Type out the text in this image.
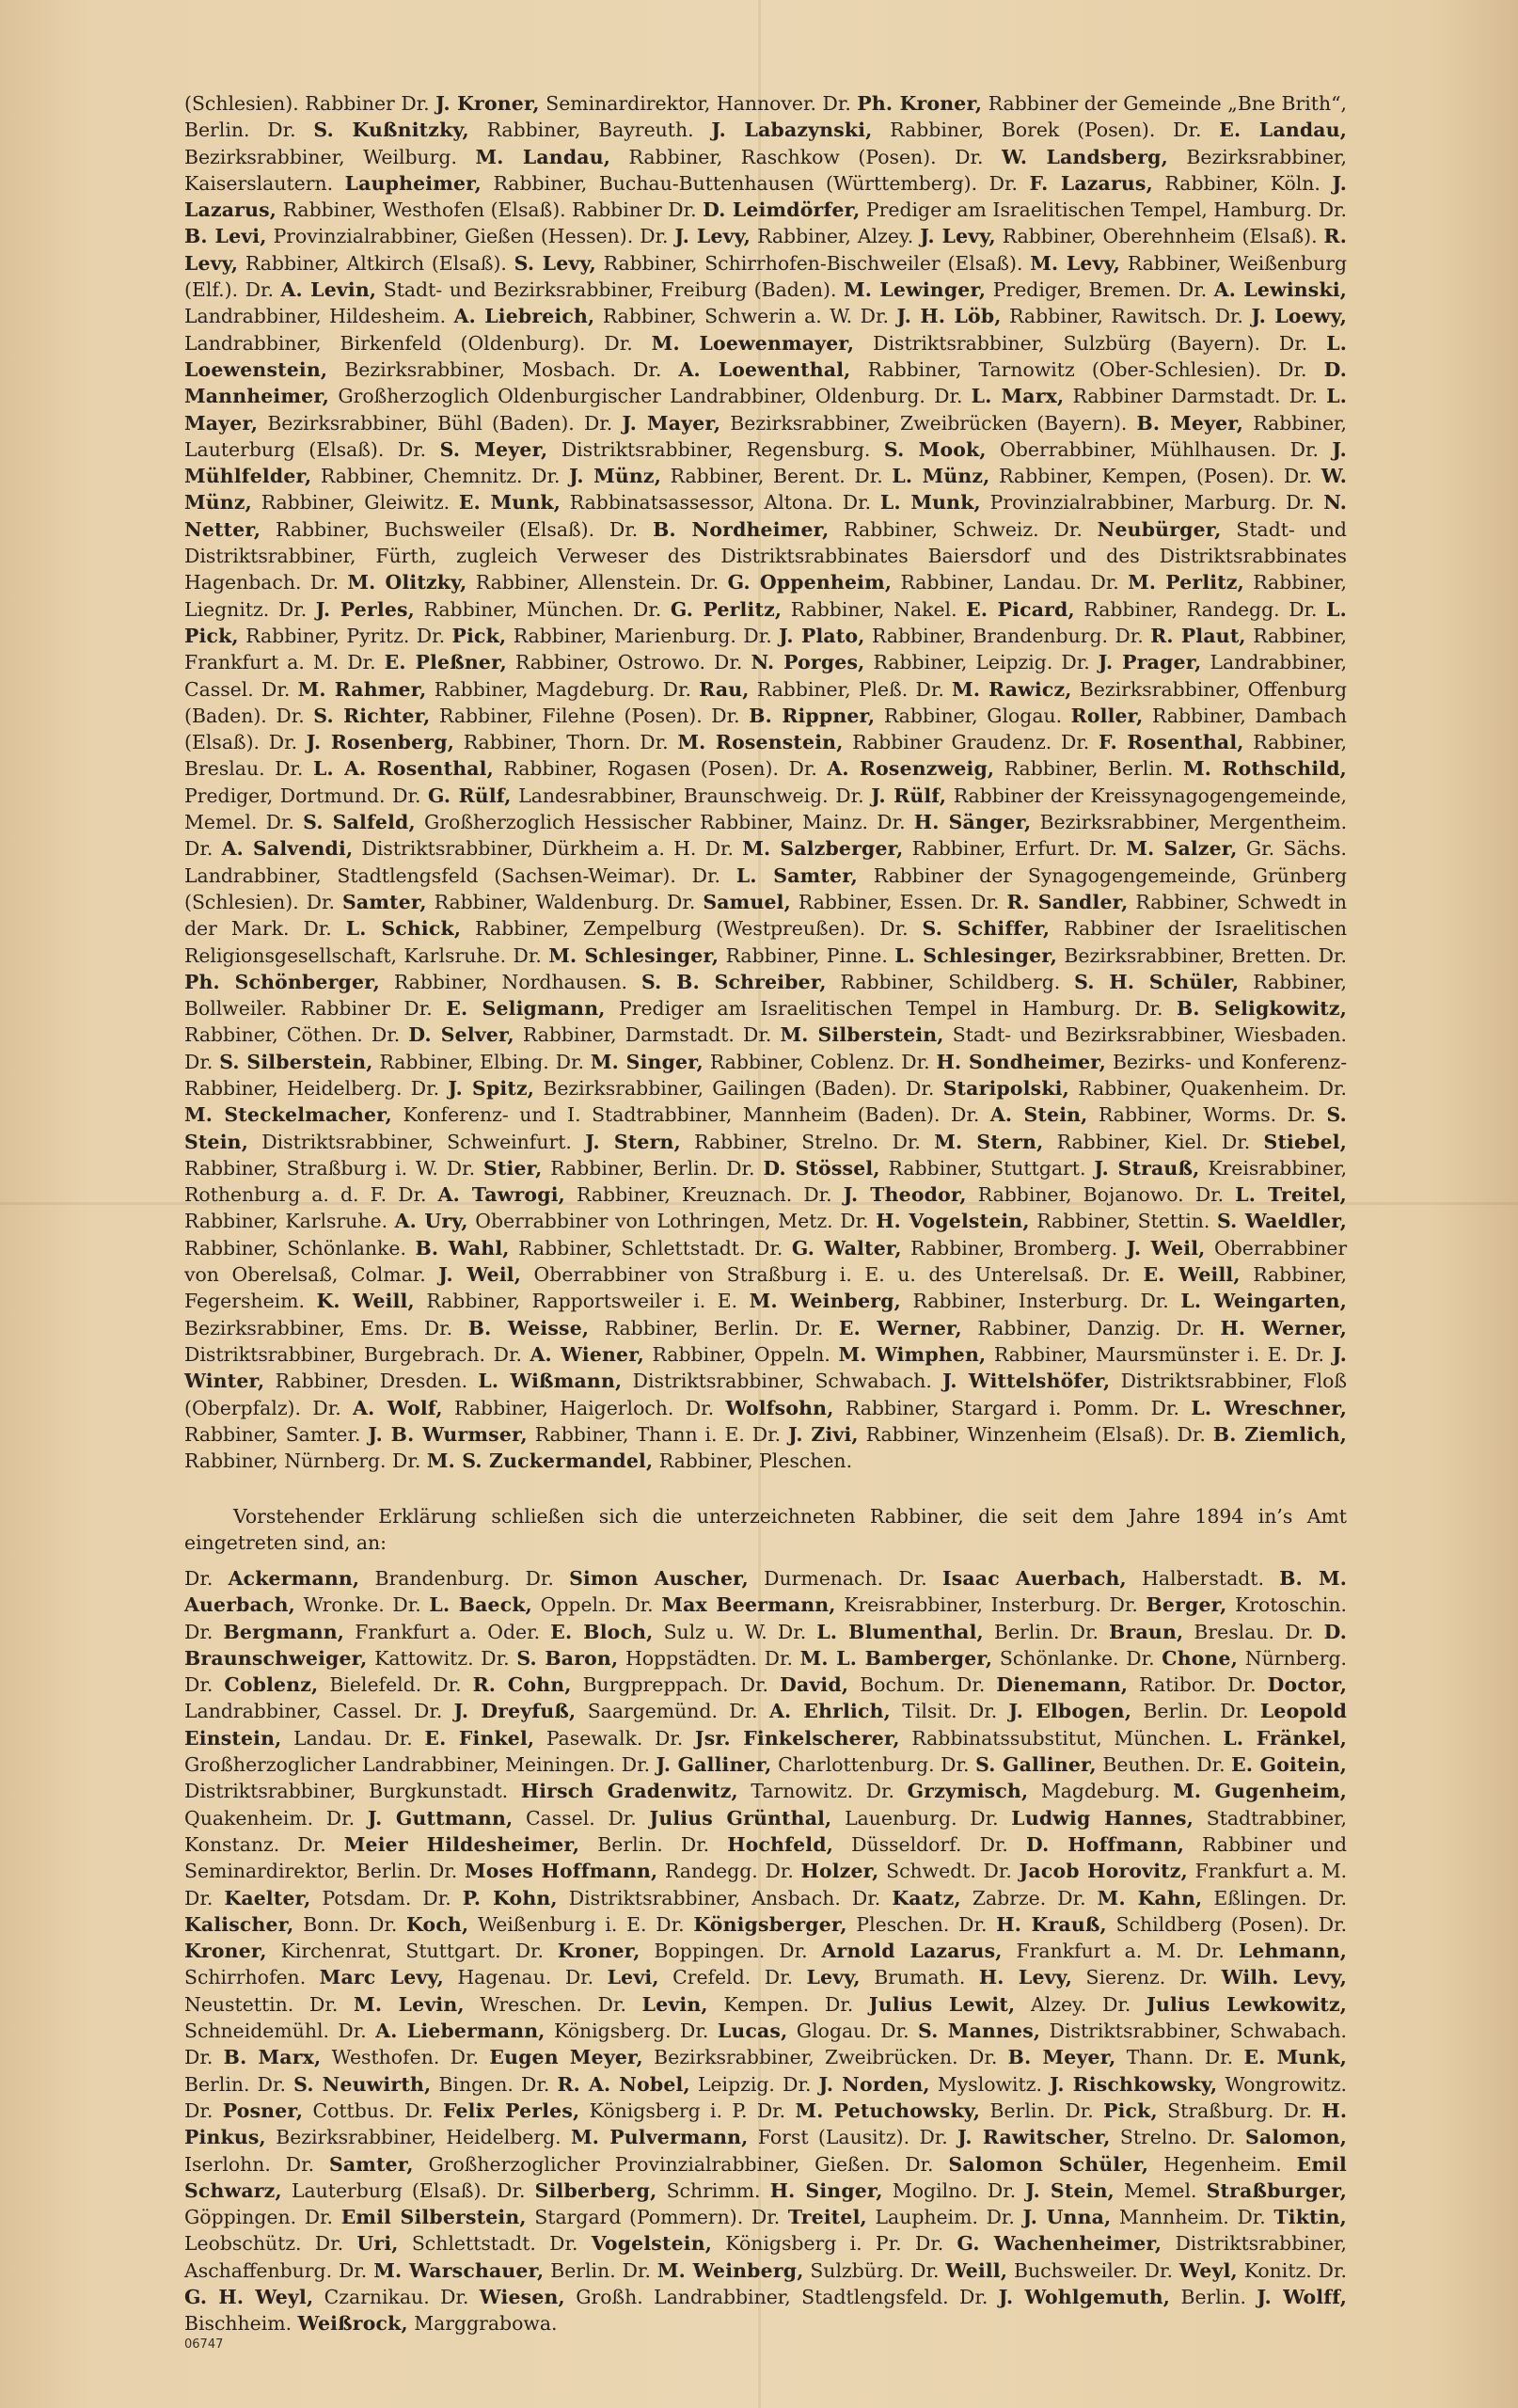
(Schlesien). Rabbiner Dr. J. Kroner, Seminardirektor, Hannover. Dr. Ph. Kroner, Rabbiner der Gemeinde „Bne Brith“, Berlin. Dr. S. Kußnitzky, Rabbiner, Bayreuth. J. Labazynski, Rabbiner, Borek (Posen). Dr. E. Landau, Bezirksrabbiner, Weilburg. M. Landau, Rabbiner, Raschkow (Posen). Dr. W. Landsberg, Bezirksrabbiner, Kaiserslautern. Laupheimer, Rabbiner, Buchau-Buttenhausen (Württemberg). Dr. F. Lazarus, Rabbiner, Köln. J. Lazarus, Rabbiner, Westhofen (Elsaß). Rabbiner Dr. D. Leimdörfer, Prediger am Israelitischen Tempel, Hamburg. Dr. B. Levi, Provinzialrabbiner, Gießen (Hessen). Dr. J. Levy, Rabbiner, Alzey. J. Levy, Rabbiner, Oberehnheim (Elsaß). R. Levy, Rabbiner, Altkirch (Elsaß). S. Levy, Rabbiner, Schirrhofen-Bischweiler (Elsaß). M. Levy, Rabbiner, Weißenburg (Elf.). Dr. A. Levin, Stadt- und Bezirksrabbiner, Freiburg (Baden). M. Lewinger, Prediger, Bremen. Dr. A. Lewinski, Landrabbiner, Hildesheim. A. Liebreich, Rabbiner, Schwerin a. W. Dr. J. H. Löb, Rabbiner, Rawitsch. Dr. J. Loewy, Landrabbiner, Birkenfeld (Oldenburg). Dr. M. Loewenmayer, Distriktsrabbiner, Sulzbürg (Bayern). Dr. L. Loewenstein, Bezirksrabbiner, Mosbach. Dr. A. Loewenthal, Rabbiner, Tarnowitz (Ober-Schlesien). Dr. D. Mannheimer, Großherzoglich Oldenburgischer Landrabbiner, Oldenburg. Dr. L. Marx, Rabbiner Darmstadt. Dr. L. Mayer, Bezirksrabbiner, Bühl (Baden). Dr. J. Mayer, Bezirksrabbiner, Zweibrücken (Bayern). B. Meyer, Rabbiner, Lauterburg (Elsaß). Dr. S. Meyer, Distriktsrabbiner, Regensburg. S. Mook, Oberrabbiner, Mühlhausen. Dr. J. Mühlfelder, Rabbiner, Chemnitz. Dr. J. Münz, Rabbiner, Berent. Dr. L. Münz, Rabbiner, Kempen, (Posen). Dr. W. Münz, Rabbiner, Gleiwitz. E. Munk, Rabbinatsassessor, Altona. Dr. L. Munk, Provinzialrabbiner, Marburg. Dr. N. Netter, Rabbiner, Buchsweiler (Elsaß). Dr. B. Nordheimer, Rabbiner, Schweiz. Dr. Neubürger, Stadt- und Distriktsrabbiner, Fürth, zugleich Verweser des Distriktsrabbinates Baiersdorf und des Distriktsrabbinates Hagenbach. Dr. M. Olitzky, Rabbiner, Allenstein. Dr. G. Oppenheim, Rabbiner, Landau. Dr. M. Perlitz, Rabbiner, Liegnitz. Dr. J. Perles, Rabbiner, München. Dr. G. Perlitz, Rabbiner, Nakel. E. Picard, Rabbiner, Randegg. Dr. L. Pick, Rabbiner, Pyritz. Dr. Pick, Rabbiner, Marienburg. Dr. J. Plato, Rabbiner, Brandenburg. Dr. R. Plaut, Rabbiner, Frankfurt a. M. Dr. E. Pleßner, Rabbiner, Ostrowo. Dr. N. Porges, Rabbiner, Leipzig. Dr. J. Prager, Landrabbiner, Cassel. Dr. M. Rahmer, Rabbiner, Magdeburg. Dr. Rau, Rabbiner, Pleß. Dr. M. Rawicz, Bezirksrabbiner, Offenburg (Baden). Dr. S. Richter, Rabbiner, Filehne (Posen). Dr. B. Rippner, Rabbiner, Glogau. Roller, Rabbiner, Dambach (Elsaß). Dr. J. Rosenberg, Rabbiner, Thorn. Dr. M. Rosenstein, Rabbiner Graudenz. Dr. F. Rosenthal, Rabbiner, Breslau. Dr. L. A. Rosenthal, Rabbiner, Rogasen (Posen). Dr. A. Rosenzweig, Rabbiner, Berlin. M. Rothschild, Prediger, Dortmund. Dr. G. Rülf, Landesrabbiner, Braunschweig. Dr. J. Rülf, Rabbiner der Kreissynagogengemeinde, Memel. Dr. S. Salfeld, Großherzoglich Hessischer Rabbiner, Mainz. Dr. H. Sänger, Bezirksrabbiner, Mergentheim. Dr. A. Salvendi, Distriktsrabbiner, Dürkheim a. H. Dr. M. Salzberger, Rabbiner, Erfurt. Dr. M. Salzer, Gr. Sächs. Landrabbiner, Stadtlengsfeld (Sachsen-Weimar). Dr. L. Samter, Rabbiner der Synagogengemeinde, Grünberg (Schlesien). Dr. Samter, Rabbiner, Waldenburg. Dr. Samuel, Rabbiner, Essen. Dr. R. Sandler, Rabbiner, Schwedt in der Mark. Dr. L. Schick, Rabbiner, Zempelburg (Westpreußen). Dr. S. Schiffer, Rabbiner der Israelitischen Religionsgesellschaft, Karlsruhe. Dr. M. Schlesinger, Rabbiner, Pinne. L. Schlesinger, Bezirksrabbiner, Bretten. Dr. Ph. Schönberger, Rabbiner, Nordhausen. S. B. Schreiber, Rabbiner, Schildberg. S. H. Schüler, Rabbiner, Bollweiler. Rabbiner Dr. E. Seligmann, Prediger am Israelitischen Tempel in Hamburg. Dr. B. Seligkowitz, Rabbiner, Cöthen. Dr. D. Selver, Rabbiner, Darmstadt. Dr. M. Silberstein, Stadt- und Bezirksrabbiner, Wiesbaden. Dr. S. Silberstein, Rabbiner, Elbing. Dr. M. Singer, Rabbiner, Coblenz. Dr. H. Sondheimer, Bezirks- und Konferenz-Rabbiner, Heidelberg. Dr. J. Spitz, Bezirksrabbiner, Gailingen (Baden). Dr. Staripolski, Rabbiner, Quakenheim. Dr. M. Steckelmacher, Konferenz- und I. Stadtrabbiner, Mannheim (Baden). Dr. A. Stein, Rabbiner, Worms. Dr. S. Stein, Distriktsrabbiner, Schweinfurt. J. Stern, Rabbiner, Strelno. Dr. M. Stern, Rabbiner, Kiel. Dr. Stiebel, Rabbiner, Straßburg i. W. Dr. Stier, Rabbiner, Berlin. Dr. D. Stössel, Rabbiner, Stuttgart. J. Strauß, Kreisrabbiner, Rothenburg a. d. F. Dr. A. Tawrogi, Rabbiner, Kreuznach. Dr. J. Theodor, Rabbiner, Bojanowo. Dr. L. Treitel, Rabbiner, Karlsruhe. A. Ury, Oberrabbiner von Lothringen, Metz. Dr. H. Vogelstein, Rabbiner, Stettin. S. Waeldler, Rabbiner, Schönlanke. B. Wahl, Rabbiner, Schlettstadt. Dr. G. Walter, Rabbiner, Bromberg. J. Weil, Oberrabbiner von Oberelsaß, Colmar. J. Weil, Oberrabbiner von Straßburg i. E. u. des Unterelsaß. Dr. E. Weill, Rabbiner, Fegersheim. K. Weill, Rabbiner, Rapportsweiler i. E. M. Weinberg, Rabbiner, Insterburg. Dr. L. Weingarten, Bezirksrabbiner, Ems. Dr. B. Weisse, Rabbiner, Berlin. Dr. E. Werner, Rabbiner, Danzig. Dr. H. Werner, Distriktsrabbiner, Burgebrach. Dr. A. Wiener, Rabbiner, Oppeln. M. Wimphen, Rabbiner, Maursmünster i. E. Dr. J. Winter, Rabbiner, Dresden. L. Wißmann, Distriktsrabbiner, Schwabach. J. Wittelshöfer, Distriktsrabbiner, Floß (Oberpfalz). Dr. A. Wolf, Rabbiner, Haigerloch. Dr. Wolfsohn, Rabbiner, Stargard i. Pomm. Dr. L. Wreschner, Rabbiner, Samter. J. B. Wurmser, Rabbiner, Thann i. E. Dr. J. Zivi, Rabbiner, Winzenheim (Elsaß). Dr. B. Ziemlich, Rabbiner, Nürnberg. Dr. M. S. Zuckermandel, Rabbiner, Pleschen.
Vorstehender Erklärung schließen sich die unterzeichneten Rabbiner, die seit dem Jahre 1894 in’s Amt eingetreten sind, an:
Dr. Ackermann, Brandenburg. Dr. Simon Auscher, Durmenach. Dr. Isaac Auerbach, Halberstadt. B. M. Auerbach, Wronke. Dr. L. Baeck, Oppeln. Dr. Max Beermann, Kreisrabbiner, Insterburg. Dr. Berger, Krotoschin. Dr. Bergmann, Frankfurt a. Oder. E. Bloch, Sulz u. W. Dr. L. Blumenthal, Berlin. Dr. Braun, Breslau. Dr. D. Braunschweiger, Kattowitz. Dr. S. Baron, Hoppstädten. Dr. M. L. Bamberger, Schönlanke. Dr. Chone, Nürnberg. Dr. Coblenz, Bielefeld. Dr. R. Cohn, Burgpreppach. Dr. David, Bochum. Dr. Dienemann, Ratibor. Dr. Doctor, Landrabbiner, Cassel. Dr. J. Dreyfuß, Saargemünd. Dr. A. Ehrlich, Tilsit. Dr. J. Elbogen, Berlin. Dr. Leopold Einstein, Landau. Dr. E. Finkel, Pasewalk. Dr. Jsr. Finkelscherer, Rabbinatssubstitut, München. L. Fränkel, Großherzoglicher Landrabbiner, Meiningen. Dr. J. Galliner, Charlottenburg. Dr. S. Galliner, Beuthen. Dr. E. Goitein, Distriktsrabbiner, Burgkunstadt. Hirsch Gradenwitz, Tarnowitz. Dr. Grzymisch, Magdeburg. M. Gugenheim, Quakenheim. Dr. J. Guttmann, Cassel. Dr. Julius Grünthal, Lauenburg. Dr. Ludwig Hannes, Stadtrabbiner, Konstanz. Dr. Meier Hildesheimer, Berlin. Dr. Hochfeld, Düsseldorf. Dr. D. Hoffmann, Rabbiner und Seminardirektor, Berlin. Dr. Moses Hoffmann, Randegg. Dr. Holzer, Schwedt. Dr. Jacob Horovitz, Frankfurt a. M. Dr. Kaelter, Potsdam. Dr. P. Kohn, Distriktsrabbiner, Ansbach. Dr. Kaatz, Zabrze. Dr. M. Kahn, Eßlingen. Dr. Kalischer, Bonn. Dr. Koch, Weißenburg i. E. Dr. Königsberger, Pleschen. Dr. H. Krauß, Schildberg (Posen). Dr. Kroner, Kirchenrat, Stuttgart. Dr. Kroner, Boppingen. Dr. Arnold Lazarus, Frankfurt a. M. Dr. Lehmann, Schirrhofen. Marc Levy, Hagenau. Dr. Levi, Crefeld. Dr. Levy, Brumath. H. Levy, Sierenz. Dr. Wilh. Levy, Neustettin. Dr. M. Levin, Wreschen. Dr. Levin, Kempen. Dr. Julius Lewit, Alzey. Dr. Julius Lewkowitz, Schneidemühl. Dr. A. Liebermann, Königsberg. Dr. Lucas, Glogau. Dr. S. Mannes, Distriktsrabbiner, Schwabach. Dr. B. Marx, Westhofen. Dr. Eugen Meyer, Bezirksrabbiner, Zweibrücken. Dr. B. Meyer, Thann. Dr. E. Munk, Berlin. Dr. S. Neuwirth, Bingen. Dr. R. A. Nobel, Leipzig. Dr. J. Norden, Myslowitz. J. Rischkowsky, Wongrowitz. Dr. Posner, Cottbus. Dr. Felix Perles, Königsberg i. P. Dr. M. Petuchowsky, Berlin. Dr. Pick, Straßburg. Dr. H. Pinkus, Bezirksrabbiner, Heidelberg. M. Pulvermann, Forst (Lausitz). Dr. J. Rawitscher, Strelno. Dr. Salomon, Iserlohn. Dr. Samter, Großherzoglicher Provinzialrabbiner, Gießen. Dr. Salomon Schüler, Hegenheim. Emil Schwarz, Lauterburg (Elsaß). Dr. Silberberg, Schrimm. H. Singer, Mogilno. Dr. J. Stein, Memel. Straßburger, Göppingen. Dr. Emil Silberstein, Stargard (Pommern). Dr. Treitel, Laupheim. Dr. J. Unna, Mannheim. Dr. Tiktin, Leobschütz. Dr. Uri, Schlettstadt. Dr. Vogelstein, Königsberg i. Pr. Dr. G. Wachenheimer, Distriktsrabbiner, Aschaffenburg. Dr. M. Warschauer, Berlin. Dr. M. Weinberg, Sulzbürg. Dr. Weill, Buchsweiler. Dr. Weyl, Konitz. Dr. G. H. Weyl, Czarnikau. Dr. Wiesen, Großh. Landrabbiner, Stadtlengsfeld. Dr. J. Wohlgemuth, Berlin. J. Wolff, Bischheim. Weißrock, Marggrabowa.
06747
